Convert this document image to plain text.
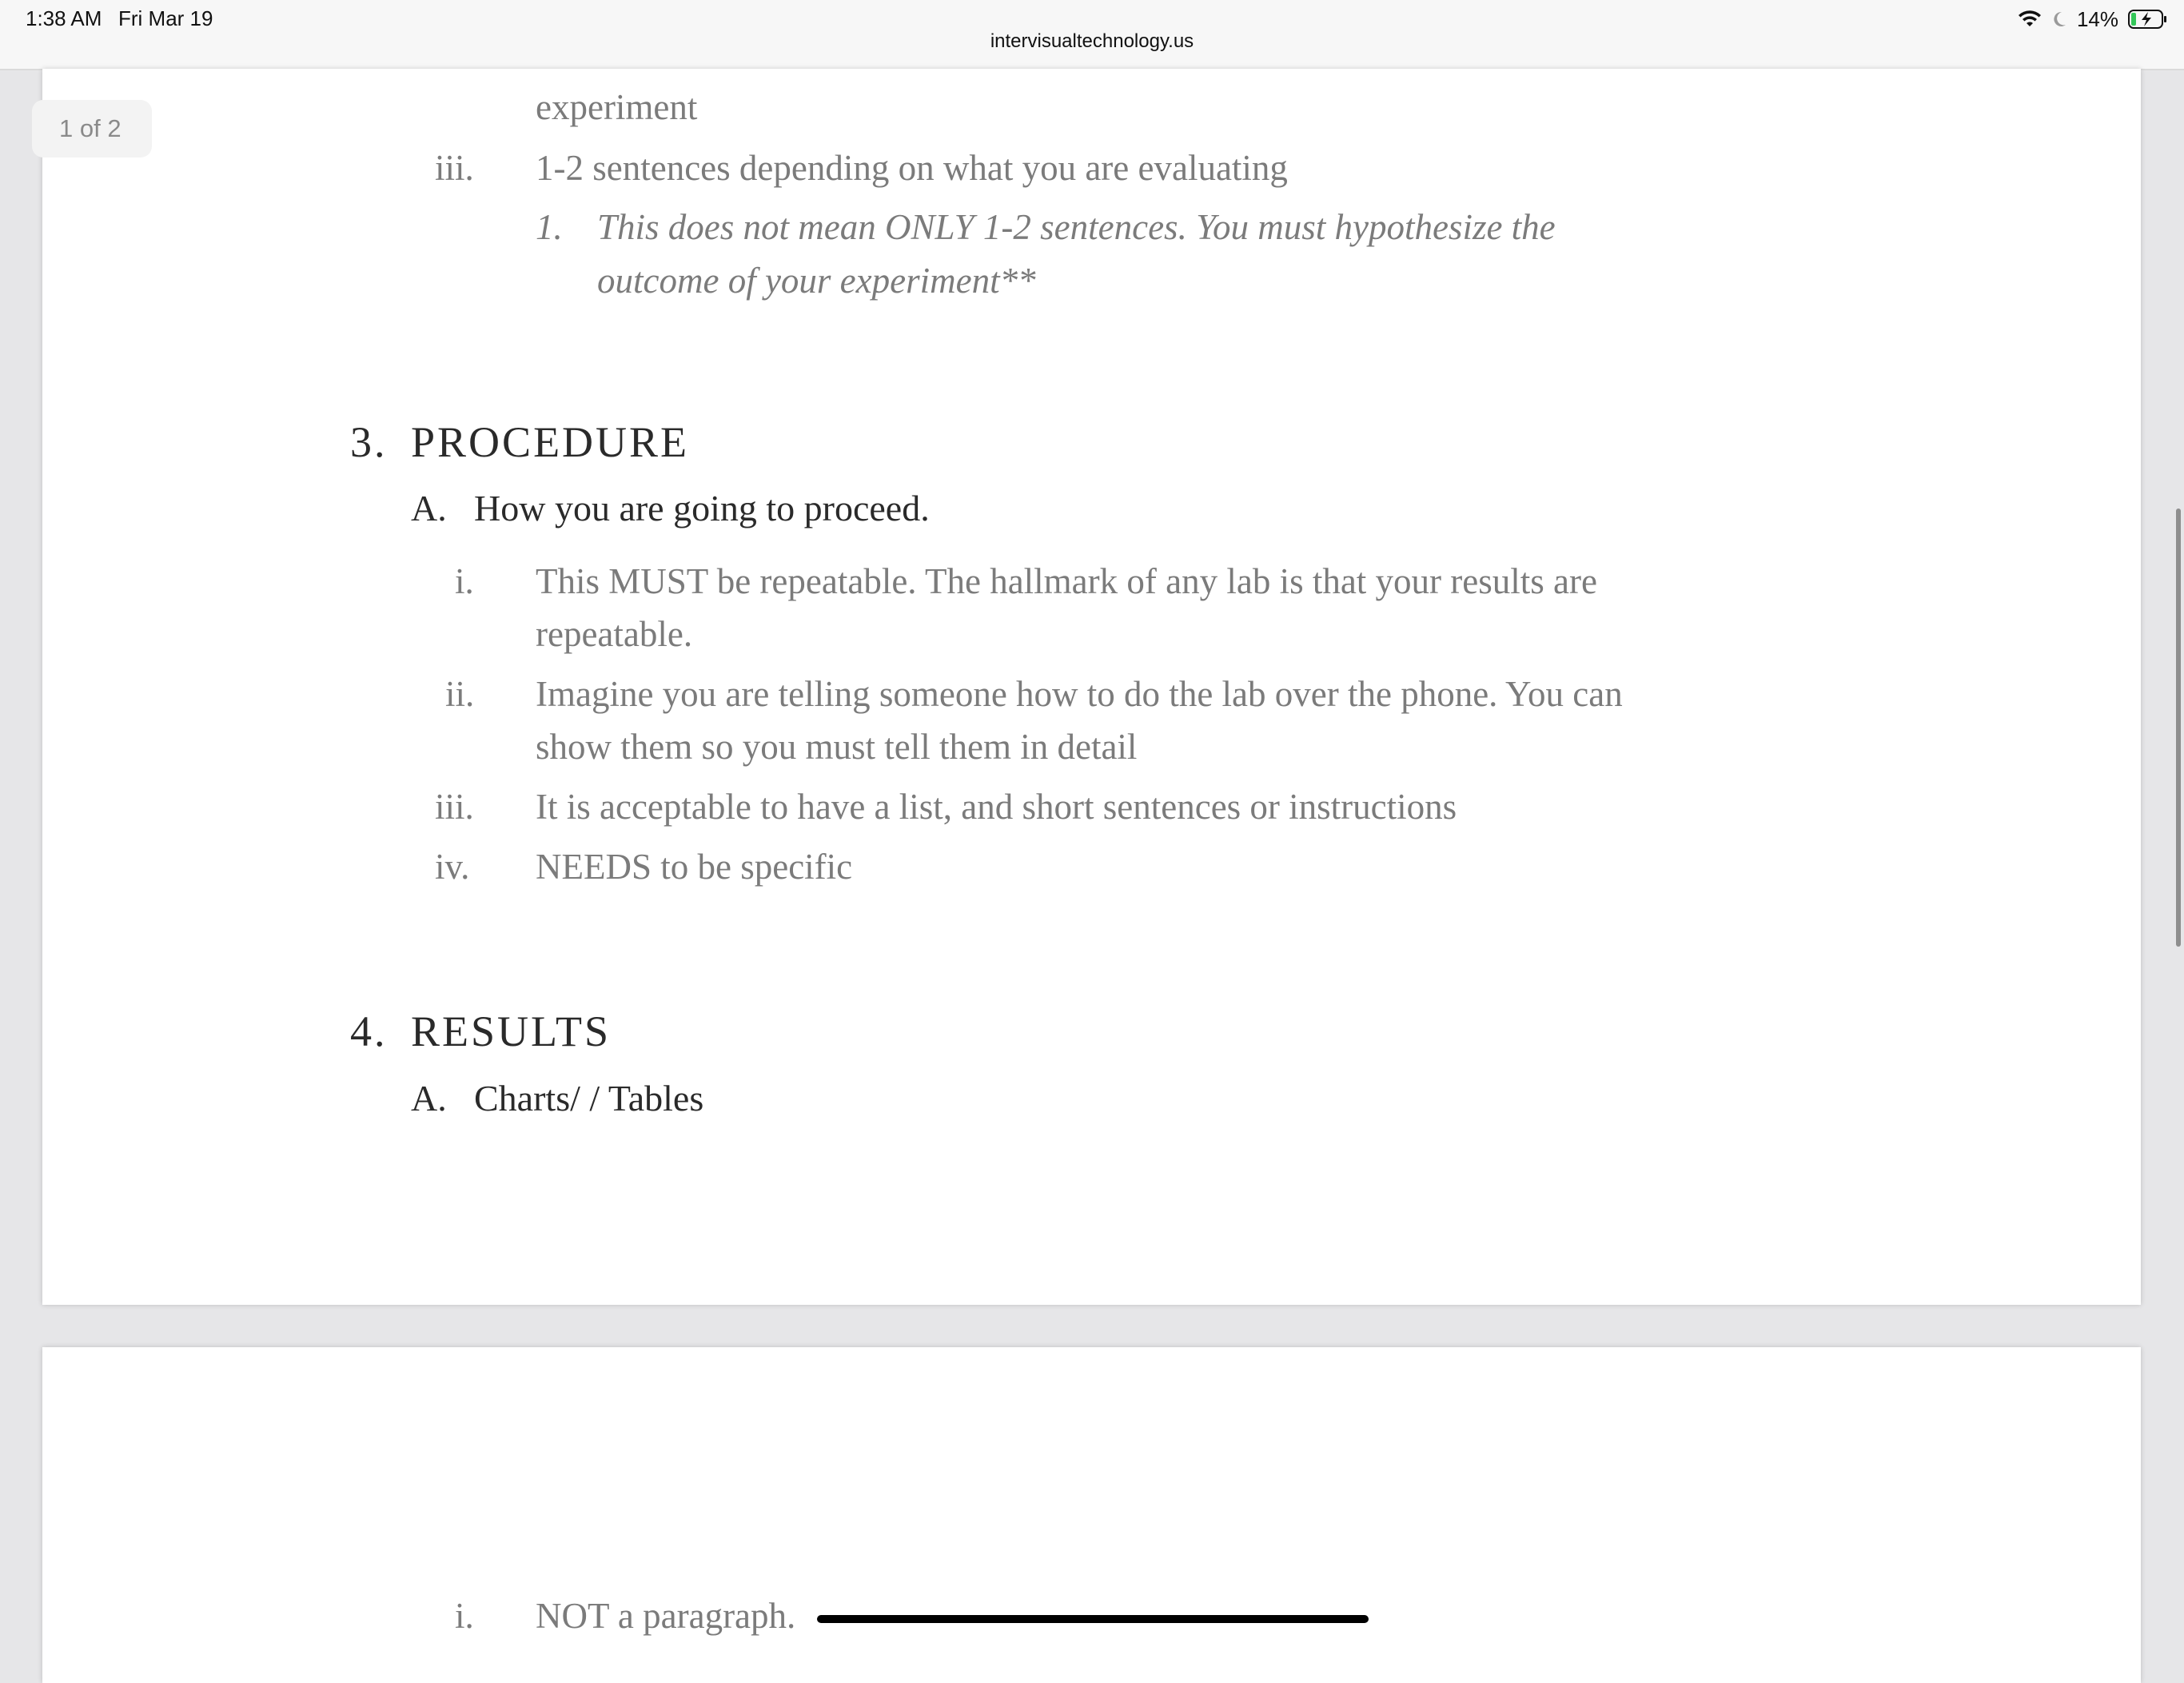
1:38 AM Fri Mar 19
intervisualtechnology.us
14%
experiment
iii. 1-2 sentences depending on what you are evaluating
1. This does not mean ONLY 1-2 sentences. You must hypothesize the
outcome of your experiment**
3. PROCEDURE
A. How you are going to proceed.
i. This MUST be repeatable. The hallmark of any lab is that your results are
repeatable.
ii. Imagine you are telling someone how to do the lab over the phone. You can
show them so you must tell them in detail
iii. It is acceptable to have a list, and short sentences or instructions
iv. NEEDS to be specific
4. RESULTS
A. Charts/ / Tables
i. NOT a paragraph.
1 of 2
